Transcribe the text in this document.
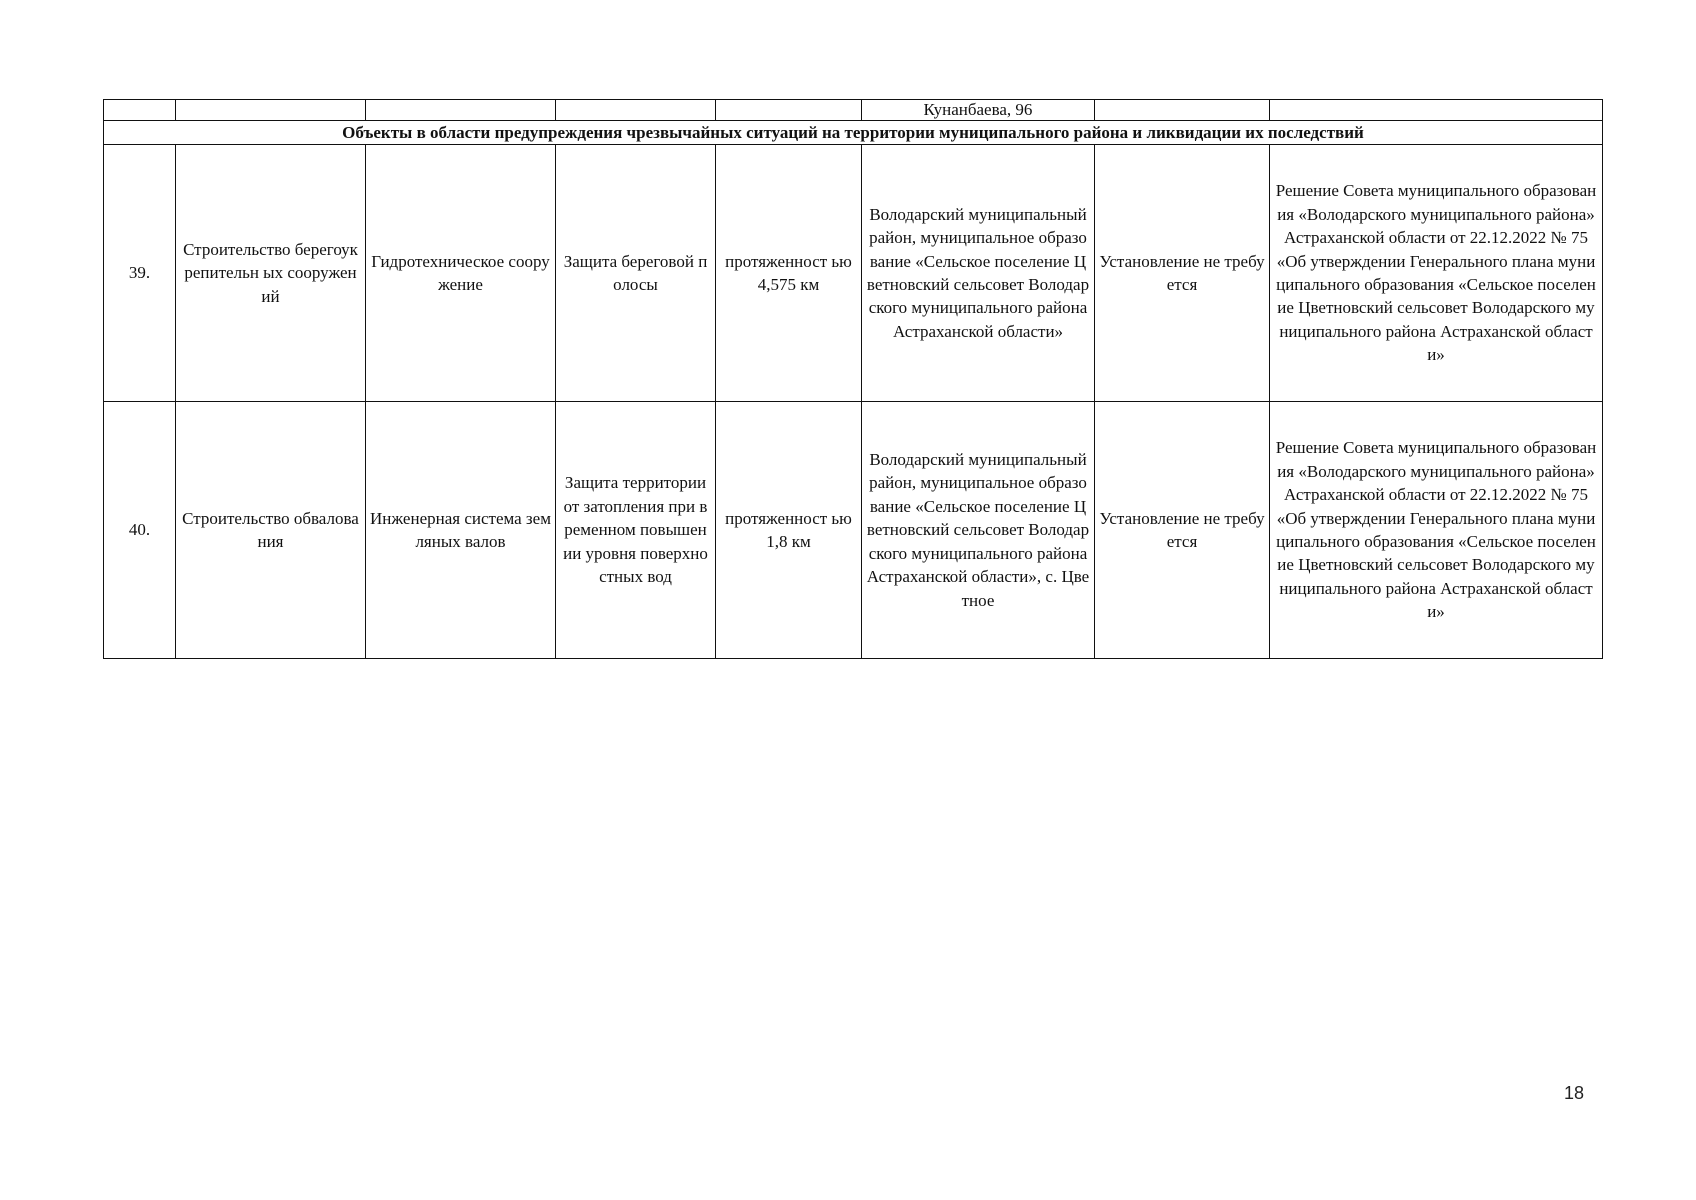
					Кунанбаева, 96		
Объекты в области предупреждения чрезвычайных ситуаций на территории муниципального района и ликвидации их последствий							
39.	Строительство берегоукрепительн ых сооружений	Гидротехническое сооружение	Защита береговой полосы	протяженност ью 4,575 км	Володарский муниципальный район, муниципальное образование «Сельское поселение Цветновский сельсовет Володарского муниципального района Астраханской области»	Установление не требуется	Решение Совета муниципального образования «Володарского муниципального района» Астраханской области от 22.12.2022 № 75 «Об утверждении Генерального плана муниципального образования «Сельское поселение Цветновский сельсовет Володарского муниципального района Астраханской области»
40.	Строительство обвалования	Инженерная система земляных валов	Защита территории от затопления при временном повышении уровня поверхностных вод	протяженност ью 1,8 км	Володарский муниципальный район, муниципальное образование «Сельское поселение Цветновский сельсовет Володарского муниципального района Астраханской области», с. Цветное	Установление не требуется	Решение Совета муниципального образования «Володарского муниципального района» Астраханской области от 22.12.2022 № 75 «Об утверждении Генерального плана муниципального образования «Сельское поселение Цветновский сельсовет Володарского муниципального района Астраханской области»
18
